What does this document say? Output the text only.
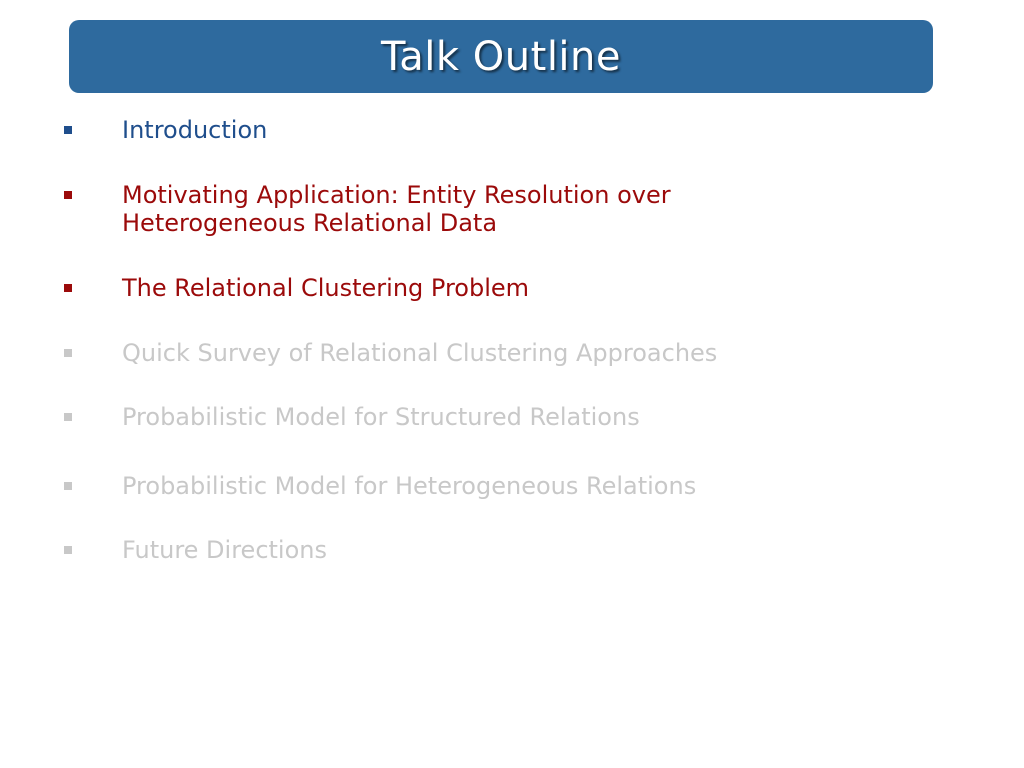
Talk Outline
Introduction
Motivating Application: Entity Resolution over Heterogeneous Relational Data
The Relational Clustering Problem
Quick Survey of Relational Clustering Approaches
Probabilistic Model for Structured Relations
Probabilistic Model for Heterogeneous Relations
Future Directions
